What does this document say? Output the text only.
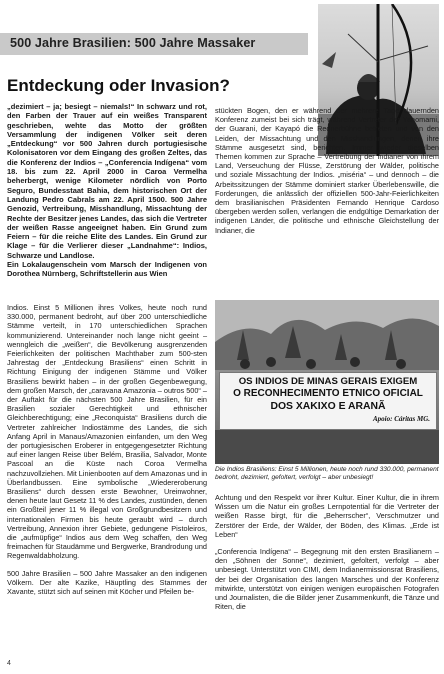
500 Jahre Brasilien: 500 Jahre Massaker
Entdeckung oder Invasion?

„dezimiert – ja; besiegt – niemals!“ In schwarz und rot, den Farben der Trauer auf ein weißes Transparent geschrieben, wehte das Motto der größten Versammlung der indigenen Völker seit deren „Entdeckung“ vor 500 Jahren durch portugiesische Kolonisatoren vor dem Eingang des großen Zeltes, das die Konferenz der Indios – „Conferencia Indígena“ vom 18. bis zum 22. April 2000 in Caroa Vermelha beherbergt, wenige Kilometer nördlich von Porto Seguro, Bundesstaat Bahia, dem historischen Ort der Landung Pedro Cabrals am 22. April 1500. 500 Jahre Genozid, Vertreibung, Misshandlung, Missachtung der Rechte der Besitzer jenes Landes, das sich die Vertreter der weißen Rasse angeeignet haben. Ein Grund zum Feiern – für die reiche Elite des Landes. Ein Grund zur Klage – für die Verlierer dieser „Landnahme“: Indios, Schwarze und Landlose.

Ein Lokalaugenschein vom Marsch der Indigenen von Dorothea Nürnberg, Schriftstellerin aus Wien

stückten Bogen, den er während der mehrere Tage dauernden Konferenz zumeist bei sich trägt, während Vertreter der Yanomami, der Guarani, der Kayapó die Rednerbühne betreten und von den Leiden, der Missachtung und den Misshandlungen, denen ihre Stämme ausgesetzt sind, berichten. Immer wieder dieselben Themen kommen zur Sprache – Vertreibung der Indianer von ihrem Land, Verseuchung der Flüsse, Zerstörung der Wälder, politische und soziale Missachtung der Indios. „miséria“ – und dennoch – die Arbeitssitzungen der Stämme dominiert starker Überlebenswille, die Forderungen, die anlässlich der offiziellen 500-Jahr-Feierlichkeiten dem brasilianischen Präsidenten Fernando Henrique Cardoso übergeben werden sollen, verlangen die endgültige Demarkation der indigenen Länder, die politische und ethnische Gleichstellung der Indianer, die

Indios. Einst 5 Millionen ihres Volkes, heute noch rund 330.000, permanent bedroht, auf über 200 unterschiedliche Stämme verteilt, in 170 unterschiedlichen Sprachen kommunizierend. Untereinander noch lange nicht geeint – wenngleich die „weißen“, die Bevölkerung ausgrenzenden Feierlichkeiten der politischen Machthaber zum 500-sten Jahrestag der „Entdeckung Brasiliens“ einen Schritt in Richtung Einigung der indigenen Stämme und Völker Brasiliens bewirkt haben – in der großen Gegenbewegung, dem großen Marsch, der „caravana Amazonia – outros 500“ – der Auftakt für die nächsten 500 Jahre Brasilien, für ein Brasilien sozialer Gerechtigkeit und ethnischer Gleichberechtigung; eine „Reconquista“ Brasiliens durch die Vertreter zahlreicher Indiostämme des Landes, die sich Anfang April in Manaus/Amazonien einfanden, um den Weg der portugiesischen Eroberer in entgegengesetzter Richtung auf einer langen Reise über Belém, Brasilia, Salvador, Monte Pascoal an die Küste nach Coroa Vermelha nachzuvollziehen. Mit Linienbooten auf dem Amazonas und in Überlandbussen. Eine symbolische „Wiedereroberung Brasiliens“ durch dessen erste Bewohner, Ureinwohner, denen heute laut Gesetz 11 % des Landes, zustünden, denen ein Großteil jener 11 % illegal von Großgrundbesitzern und internationalen Firmen bis heute geraubt wird – durch Vertreibung, Annexion ihrer Gebiete, gedungene Pistoleiros, die „aufmüpfige“ Indios aus dem Weg schaffen, den Weg freimachen für Staudämme und Bergwerke, Brandrodung und Regenwaldabholzung.

500 Jahre Brasilien – 500 Jahre Massaker an den indigenen Völkern. Der alte Kazike, Häuptling des Stammes der Xavante, stützt sich auf seinen mit Köcher und Pfeilen be-

OS INDIOS DE MINAS GERAIS EXIGEM
O RECONHECIMENTO ETNICO OFICIAL
DOS XAKIXO E ARANÃ
Apoio: Cáritas MG.
Die Indios Brasiliens: Einst 5 Millionen, heute noch rund 330.000, permanent bedroht, dezimiert, gefoltert, verfolgt – aber unbesiegt!

Achtung und den Respekt vor ihrer Kultur. Einer Kultur, die in ihrem Wissen um die Natur ein großes Lernpotential für die Vertreter der weißen Rasse birgt, für die „Beherrscher“, Verschmutzer und Zerstörer der Erde, der Wälder, der Böden, des Klimas. „Erde ist Leben“

„Conferencia Indígena“ – Begegnung mit den ersten Brasilianern – den „Söhnen der Sonne“, dezimiert, gefoltert, verfolgt – aber unbesiegt. Unterstützt von CIMI, dem Indianermissionsrat Brasiliens, der bei der Organisation des langen Marsches und der Konferenz mitwirkte, unterstützt von einigen wenigen europäischen Fotografen und Journalisten, die die Bilder jener Zusammenkunft, die Tänze und Riten, die

4
